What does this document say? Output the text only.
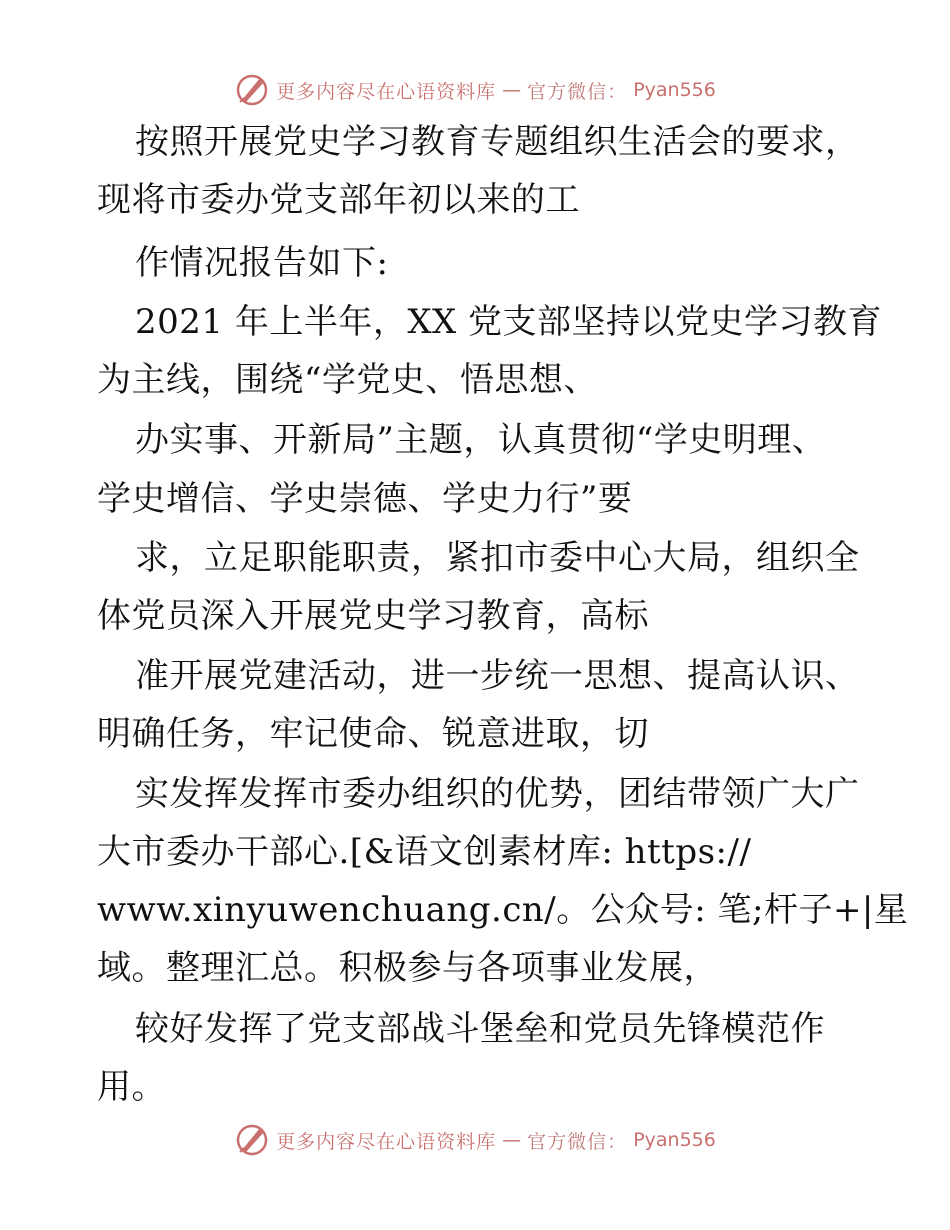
更多内容尽在心语资料库 — 官方微信： Pyan556
按照开展党史学习教育专题组织生活会的要求，
现将市委办党支部年初以来的工
作情况报告如下:
2021 年上半年，XX 党支部坚持以党史学习教育
为主线，围绕“学党史、悟思想、
办实事、开新局”主题，认真贯彻“学史明理、
学史增信、学史崇德、学史力行”要
求，立足职能职责，紧扣市委中心大局，组织全
体党员深入开展党史学习教育，高标
准开展党建活动，进一步统一思想、提高认识、
明确任务，牢记使命、锐意进取，切
实发挥发挥市委办组织的优势，团结带领广大广
大市委办干部心.[&语文创素材库: https://
www.xinyuwenchuang.cn/。公众号: 笔;杆子+|星
域。整理汇总。积极参与各项事业发展，
较好发挥了党支部战斗堡垒和党员先锋模范作
用。
更多内容尽在心语资料库 — 官方微信： Pyan556
